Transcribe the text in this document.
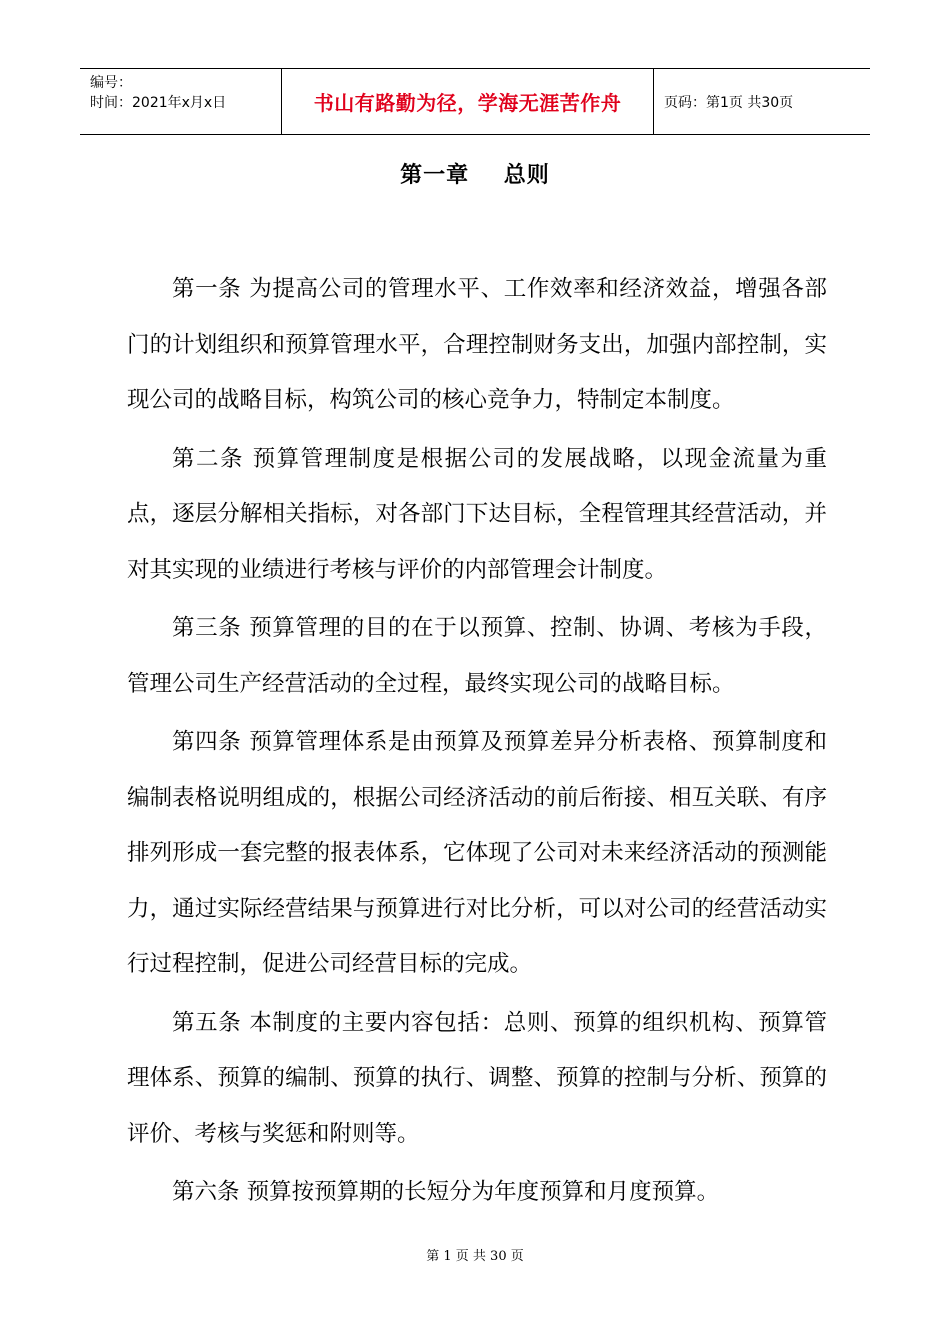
编号：
时间：2021年x月x日	书山有路勤为径，学海无涯苦作舟	页码：第1页 共30页
第一章    总则

第一条 为提高公司的管理水平、工作效率和经济效益，增强各部门的计划组织和预算管理水平，合理控制财务支出，加强内部控制，实现公司的战略目标，构筑公司的核心竞争力，特制定本制度。

第二条 预算管理制度是根据公司的发展战略，以现金流量为重点，逐层分解相关指标，对各部门下达目标，全程管理其经营活动，并对其实现的业绩进行考核与评价的内部管理会计制度。

第三条 预算管理的目的在于以预算、控制、协调、考核为手段，管理公司生产经营活动的全过程，最终实现公司的战略目标。

第四条 预算管理体系是由预算及预算差异分析表格、预算制度和编制表格说明组成的，根据公司经济活动的前后衔接、相互关联、有序排列形成一套完整的报表体系，它体现了公司对未来经济活动的预测能力，通过实际经营结果与预算进行对比分析，可以对公司的经营活动实行过程控制，促进公司经营目标的完成。

第五条 本制度的主要内容包括：总则、预算的组织机构、预算管理体系、预算的编制、预算的执行、调整、预算的控制与分析、预算的评价、考核与奖惩和附则等。

第六条 预算按预算期的长短分为年度预算和月度预算。

第 1 页 共 30 页
